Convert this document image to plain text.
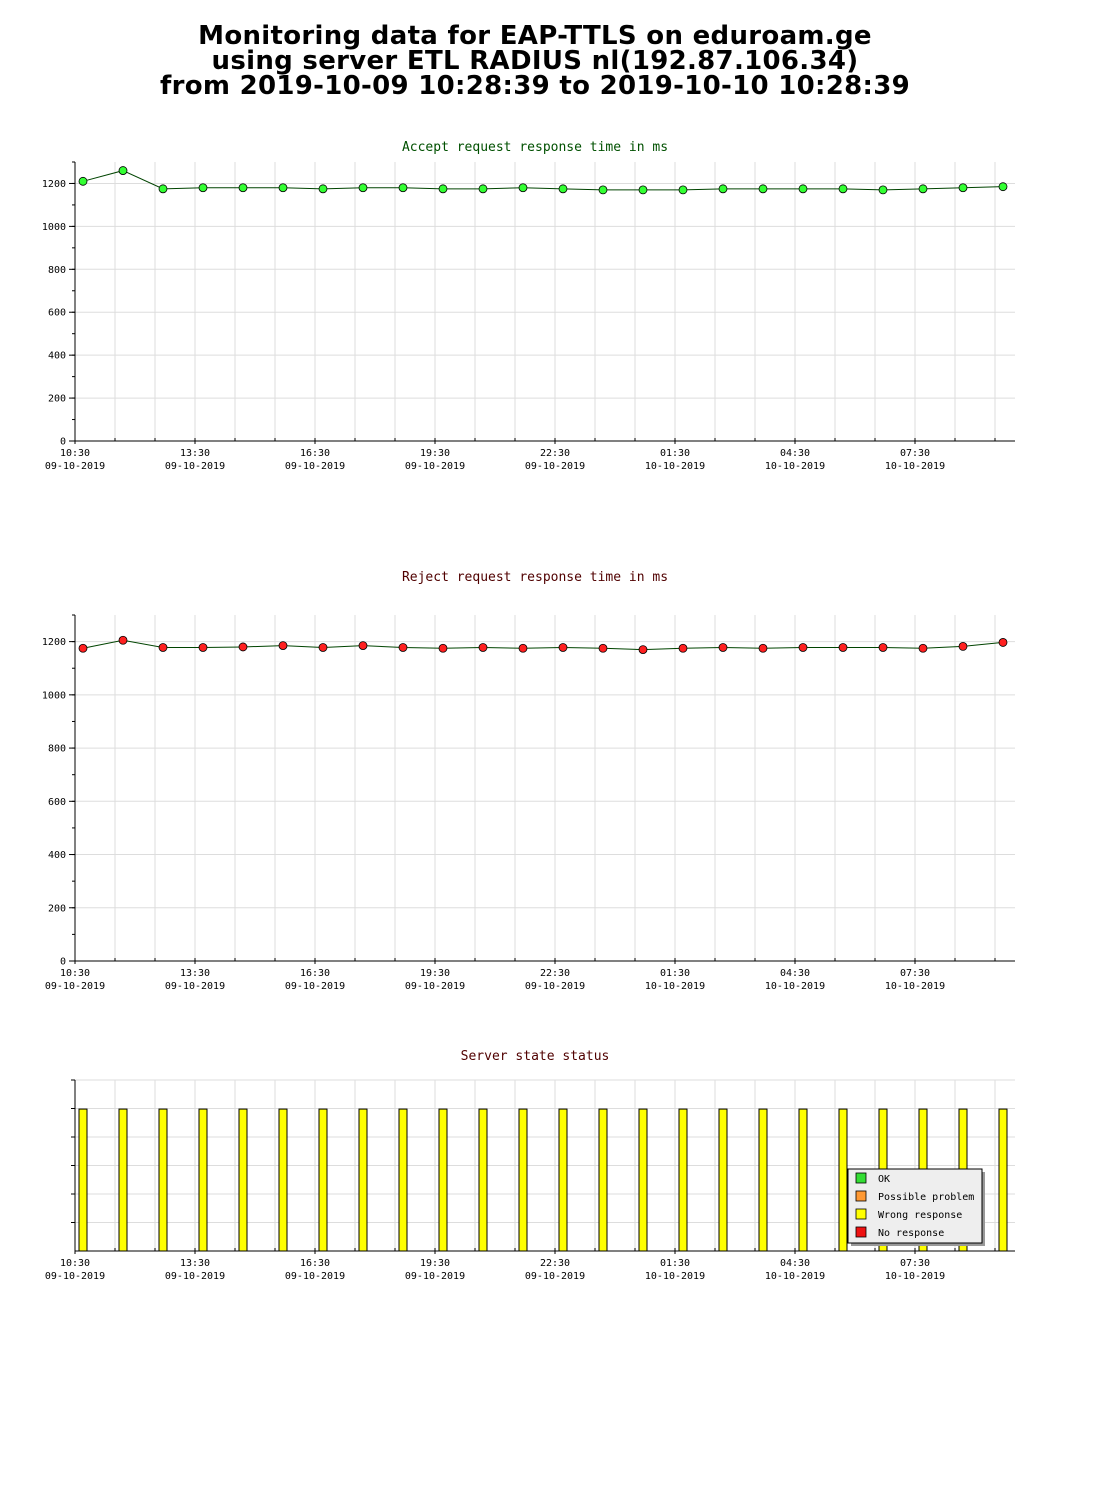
Monitoring data for EAP-TTLS on eduroam.ge
using server ETL RADIUS nl(192.87.106.34)
from 2019-10-09 10:28:39 to 2019-10-10 10:28:39
Accept request response time in ms
10:30
09-10-2019
13:30
09-10-2019
16:30
09-10-2019
19:30
09-10-2019
22:30
09-10-2019
01:30
10-10-2019
04:30
10-10-2019
07:30
10-10-2019
0
200
400
600
800
1000
1200
Reject request response time in ms
10:30
09-10-2019
13:30
09-10-2019
16:30
09-10-2019
19:30
09-10-2019
22:30
09-10-2019
01:30
10-10-2019
04:30
10-10-2019
07:30
10-10-2019
0
200
400
600
800
1000
1200
Server state status
10:30
09-10-2019
13:30
09-10-2019
16:30
09-10-2019
19:30
09-10-2019
22:30
09-10-2019
01:30
10-10-2019
04:30
10-10-2019
07:30
10-10-2019
OK
Possible problem
Wrong response
No response
